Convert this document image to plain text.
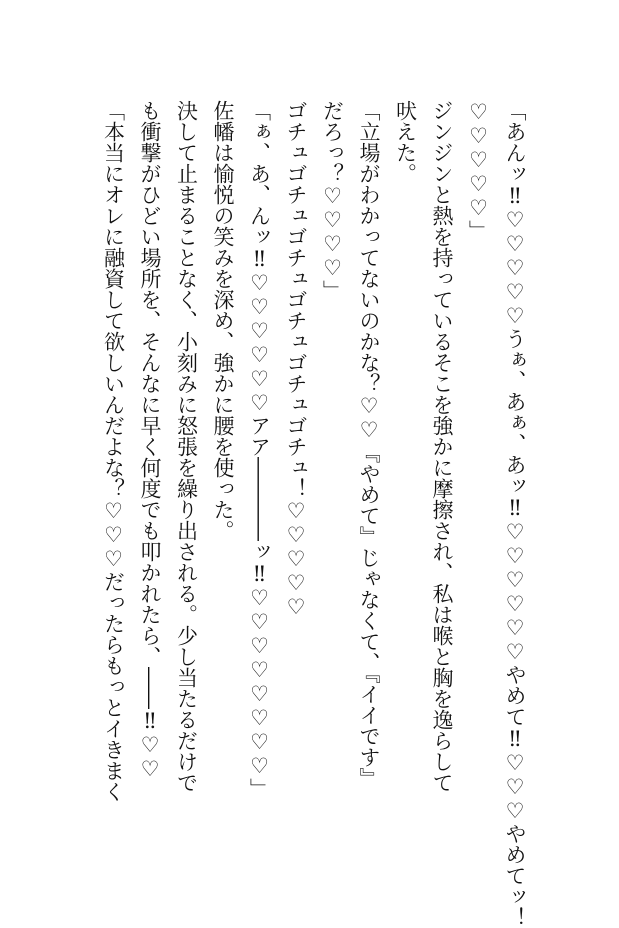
「あんッ‼♡♡♡♡♡うぁ、あぁ、あッ‼♡♡♡♡♡♡やめて‼♡♡♡やめてッ！
♡♡♡♡♡」
ジンジンと熱を持っているそこを強かに摩擦され、私は喉と胸を逸らして
吠えた。
「立場がわかってないのかな？♡♡『やめて』じゃなくて、『イイです』
だろっ？♡♡♡♡」
ゴチュゴチュゴチュゴチュゴチュゴチュ！♡♡♡♡♡
「ぁ、あ、んッ‼♡♡♡♡♡♡アア――――ッ‼♡♡♡♡♡♡♡♡」
佐幡は愉悦の笑みを深め、強かに腰を使った。
決して止まることなく、小刻みに怒張を繰り出される。少し当たるだけで
も衝撃がひどい場所を、そんなに早く何度でも叩かれたら、――‼♡♡
「本当にオレに融資して欲しいんだよな？♡♡♡だったらもっとイきまく
